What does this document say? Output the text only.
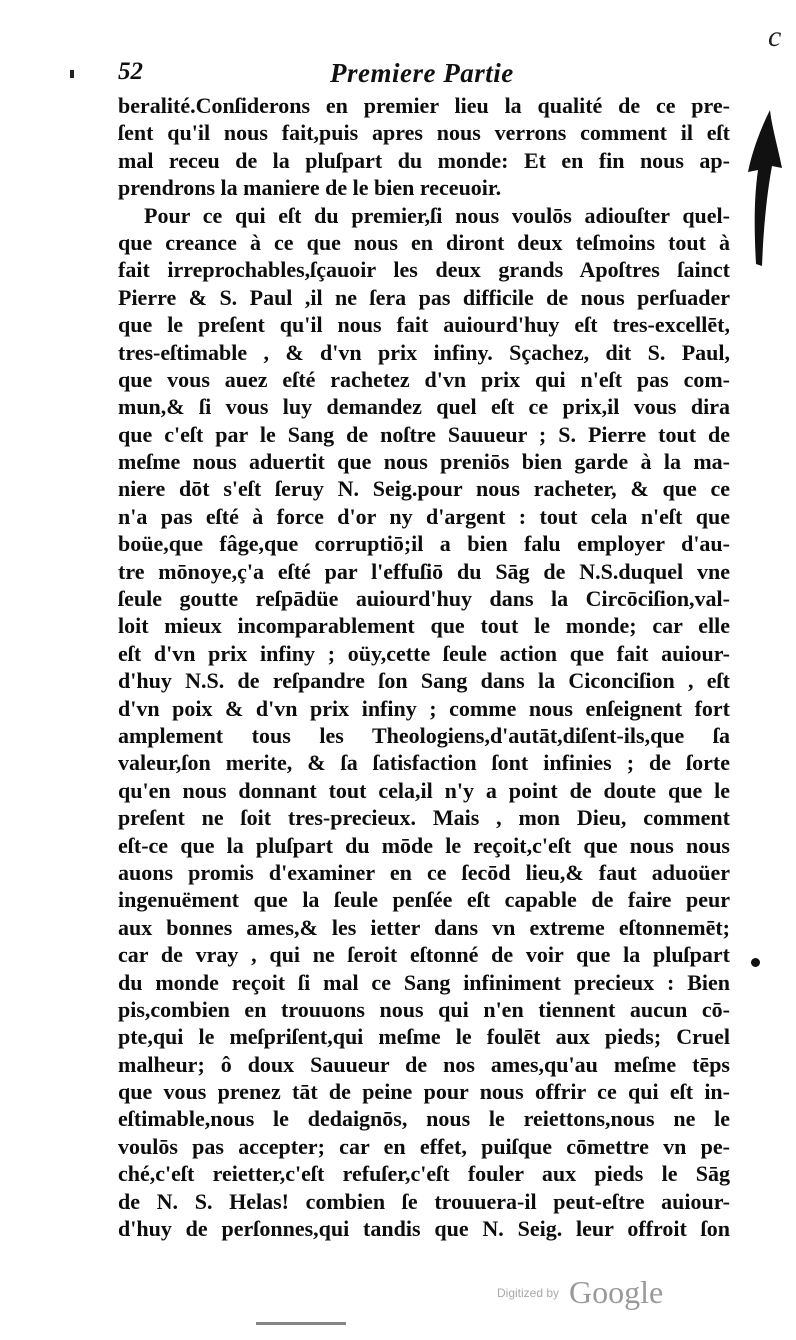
52	Premiere Partie
c
beralité.Conſiderons en premier lieu la qualité de ce pre-
ſent qu'il nous fait,puis apres nous verrons comment il eſt
mal receu de la pluſpart du monde: Et en fin nous ap-
prendrons la maniere de le bien receuoir.
Pour ce qui eſt du premier,ſi nous voulōs adiouſter quel-
que creance à ce que nous en diront deux teſmoins tout à
fait irreprochables,ſçauoir les deux grands Apoſtres ſainct
Pierre & S. Paul ,il ne ſera pas difficile de nous perſuader
que le preſent qu'il nous fait auiourd'huy eſt tres-excellēt,
tres-eſtimable , & d'vn prix infiny. Sçachez, dit S. Paul,
que vous auez eſté rachetez d'vn prix qui n'eſt pas com-
mun,& ſi vous luy demandez quel eſt ce prix,il vous dira
que c'eſt par le Sang de noſtre Sauueur ; S. Pierre tout de
meſme nous aduertit que nous preniōs bien garde à la ma-
niere dōt s'eſt ſeruy N. Seig.pour nous racheter, & que ce
n'a pas eſté à force d'or ny d'argent : tout cela n'eſt que
boüe,que fâge,que corruptiō;il a bien falu employer d'au-
tre mōnoye,ç'a eſté par l'effuſiō du Sāg de N.S.duquel vne
ſeule goutte reſpādüe auiourd'huy dans la Circōciſion,val-
loit mieux incomparablement que tout le monde; car elle
eſt d'vn prix infiny ; oüy,cette ſeule action que fait auiour-
d'huy N.S. de reſpandre ſon Sang dans la Ciconciſion , eſt
d'vn poix & d'vn prix infiny ; comme nous enſeignent fort
amplement tous les Theologiens,d'autāt,diſent-ils,que ſa
valeur,ſon merite, & ſa ſatisfaction ſont infinies ; de ſorte
qu'en nous donnant tout cela,il n'y a point de doute que le
preſent ne ſoit tres-precieux. Mais , mon Dieu, comment
eſt-ce que la pluſpart du mōde le reçoit,c'eſt que nous nous
auons promis d'examiner en ce ſecōd lieu,& faut aduoüer
ingenuëment que la ſeule penſée eſt capable de faire peur
aux bonnes ames,& les ietter dans vn extreme eſtonnemēt;
car de vray , qui ne ſeroit eſtonné de voir que la pluſpart
du monde reçoit ſi mal ce Sang infiniment precieux : Bien
pis,combien en trouuons nous qui n'en tiennent aucun cō-
pte,qui le meſpriſent,qui meſme le foulēt aux pieds; Cruel
malheur; ô doux Sauueur de nos ames,qu'au meſme tēps
que vous prenez tāt de peine pour nous offrir ce qui eſt in-
eſtimable,nous le dedaignōs, nous le reiettons,nous ne le
voulōs pas accepter; car en effet, puiſque cōmettre vn pe-
ché,c'eſt reietter,c'eſt refuſer,c'eſt fouler aux pieds le Sāg
de N. S. Helas! combien ſe trouuera-il peut-eſtre auiour-
d'huy de perſonnes,qui tandis que N. Seig. leur offroit ſon
Digitized by Google
